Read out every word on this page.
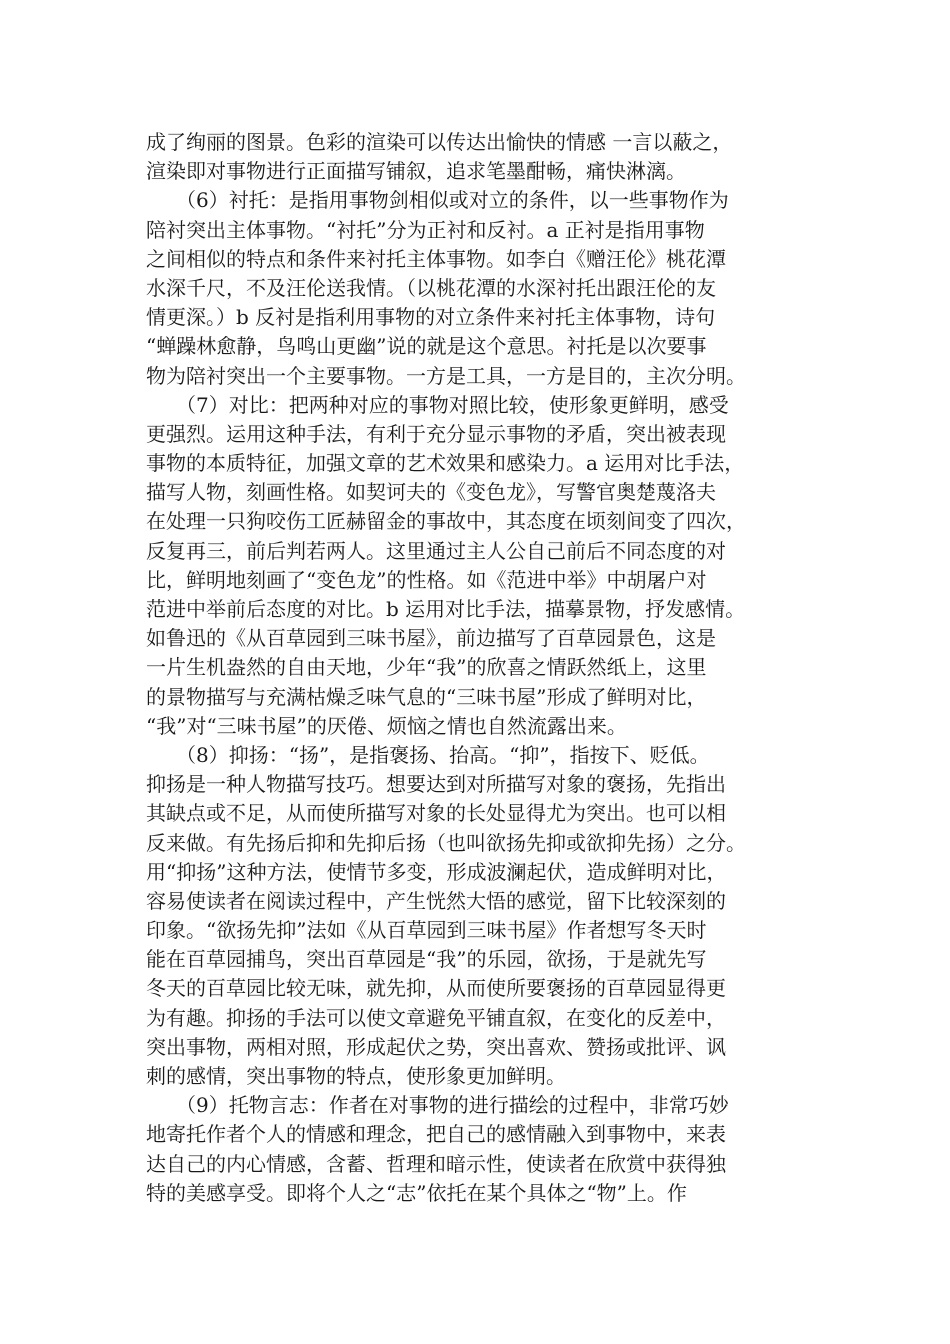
成了绚丽的图景。色彩的渲染可以传达出愉快的情感 一言以蔽之，
渲染即对事物进行正面描写铺叙，追求笔墨酣畅，痛快淋漓。
（6）衬托：是指用事物剑相似或对立的条件，以一些事物作为
陪衬突出主体事物。“衬托”分为正衬和反衬。a 正衬是指用事物
之间相似的特点和条件来衬托主体事物。如李白《赠汪伦》桃花潭
水深千尺，不及汪伦送我情。（以桃花潭的水深衬托出跟汪伦的友
情更深。）b 反衬是指利用事物的对立条件来衬托主体事物，诗句
“蝉躁林愈静，鸟鸣山更幽”说的就是这个意思。衬托是以次要事
物为陪衬突出一个主要事物。一方是工具，一方是目的，主次分明。
（7）对比：把两种对应的事物对照比较，使形象更鲜明，感受
更强烈。运用这种手法，有利于充分显示事物的矛盾，突出被表现
事物的本质特征，加强文章的艺术效果和感染力。a 运用对比手法，
描写人物，刻画性格。如契诃夫的《变色龙》，写警官奥楚蔑洛夫
在处理一只狗咬伤工匠赫留金的事故中，其态度在顷刻间变了四次，
反复再三，前后判若两人。这里通过主人公自己前后不同态度的对
比，鲜明地刻画了“变色龙”的性格。如《范进中举》中胡屠户对
范进中举前后态度的对比。b 运用对比手法，描摹景物，抒发感情。
如鲁迅的《从百草园到三味书屋》，前边描写了百草园景色，这是
一片生机盎然的自由天地，少年“我”的欣喜之情跃然纸上，这里
的景物描写与充满枯燥乏味气息的“三味书屋”形成了鲜明对比，
“我”对“三味书屋”的厌倦、烦恼之情也自然流露出来。
（8）抑扬：“扬”，是指褒扬、抬高。“抑”，指按下、贬低。
抑扬是一种人物描写技巧。想要达到对所描写对象的褒扬，先指出
其缺点或不足，从而使所描写对象的长处显得尤为突出。也可以相
反来做。有先扬后抑和先抑后扬（也叫欲扬先抑或欲抑先扬）之分。
用“抑扬”这种方法，使情节多变，形成波澜起伏，造成鲜明对比，
容易使读者在阅读过程中，产生恍然大悟的感觉，留下比较深刻的
印象。“欲扬先抑”法如《从百草园到三味书屋》作者想写冬天时
能在百草园捕鸟，突出百草园是“我”的乐园，欲扬，于是就先写
冬天的百草园比较无味，就先抑，从而使所要褒扬的百草园显得更
为有趣。抑扬的手法可以使文章避免平铺直叙，在变化的反差中，
突出事物，两相对照，形成起伏之势，突出喜欢、赞扬或批评、讽
刺的感情，突出事物的特点，使形象更加鲜明。
（9）托物言志：作者在对事物的进行描绘的过程中，非常巧妙
地寄托作者个人的情感和理念，把自己的感情融入到事物中，来表
达自己的内心情感，含蓄、哲理和暗示性，使读者在欣赏中获得独
特的美感享受。即将个人之“志”依托在某个具体之“物”上。作
